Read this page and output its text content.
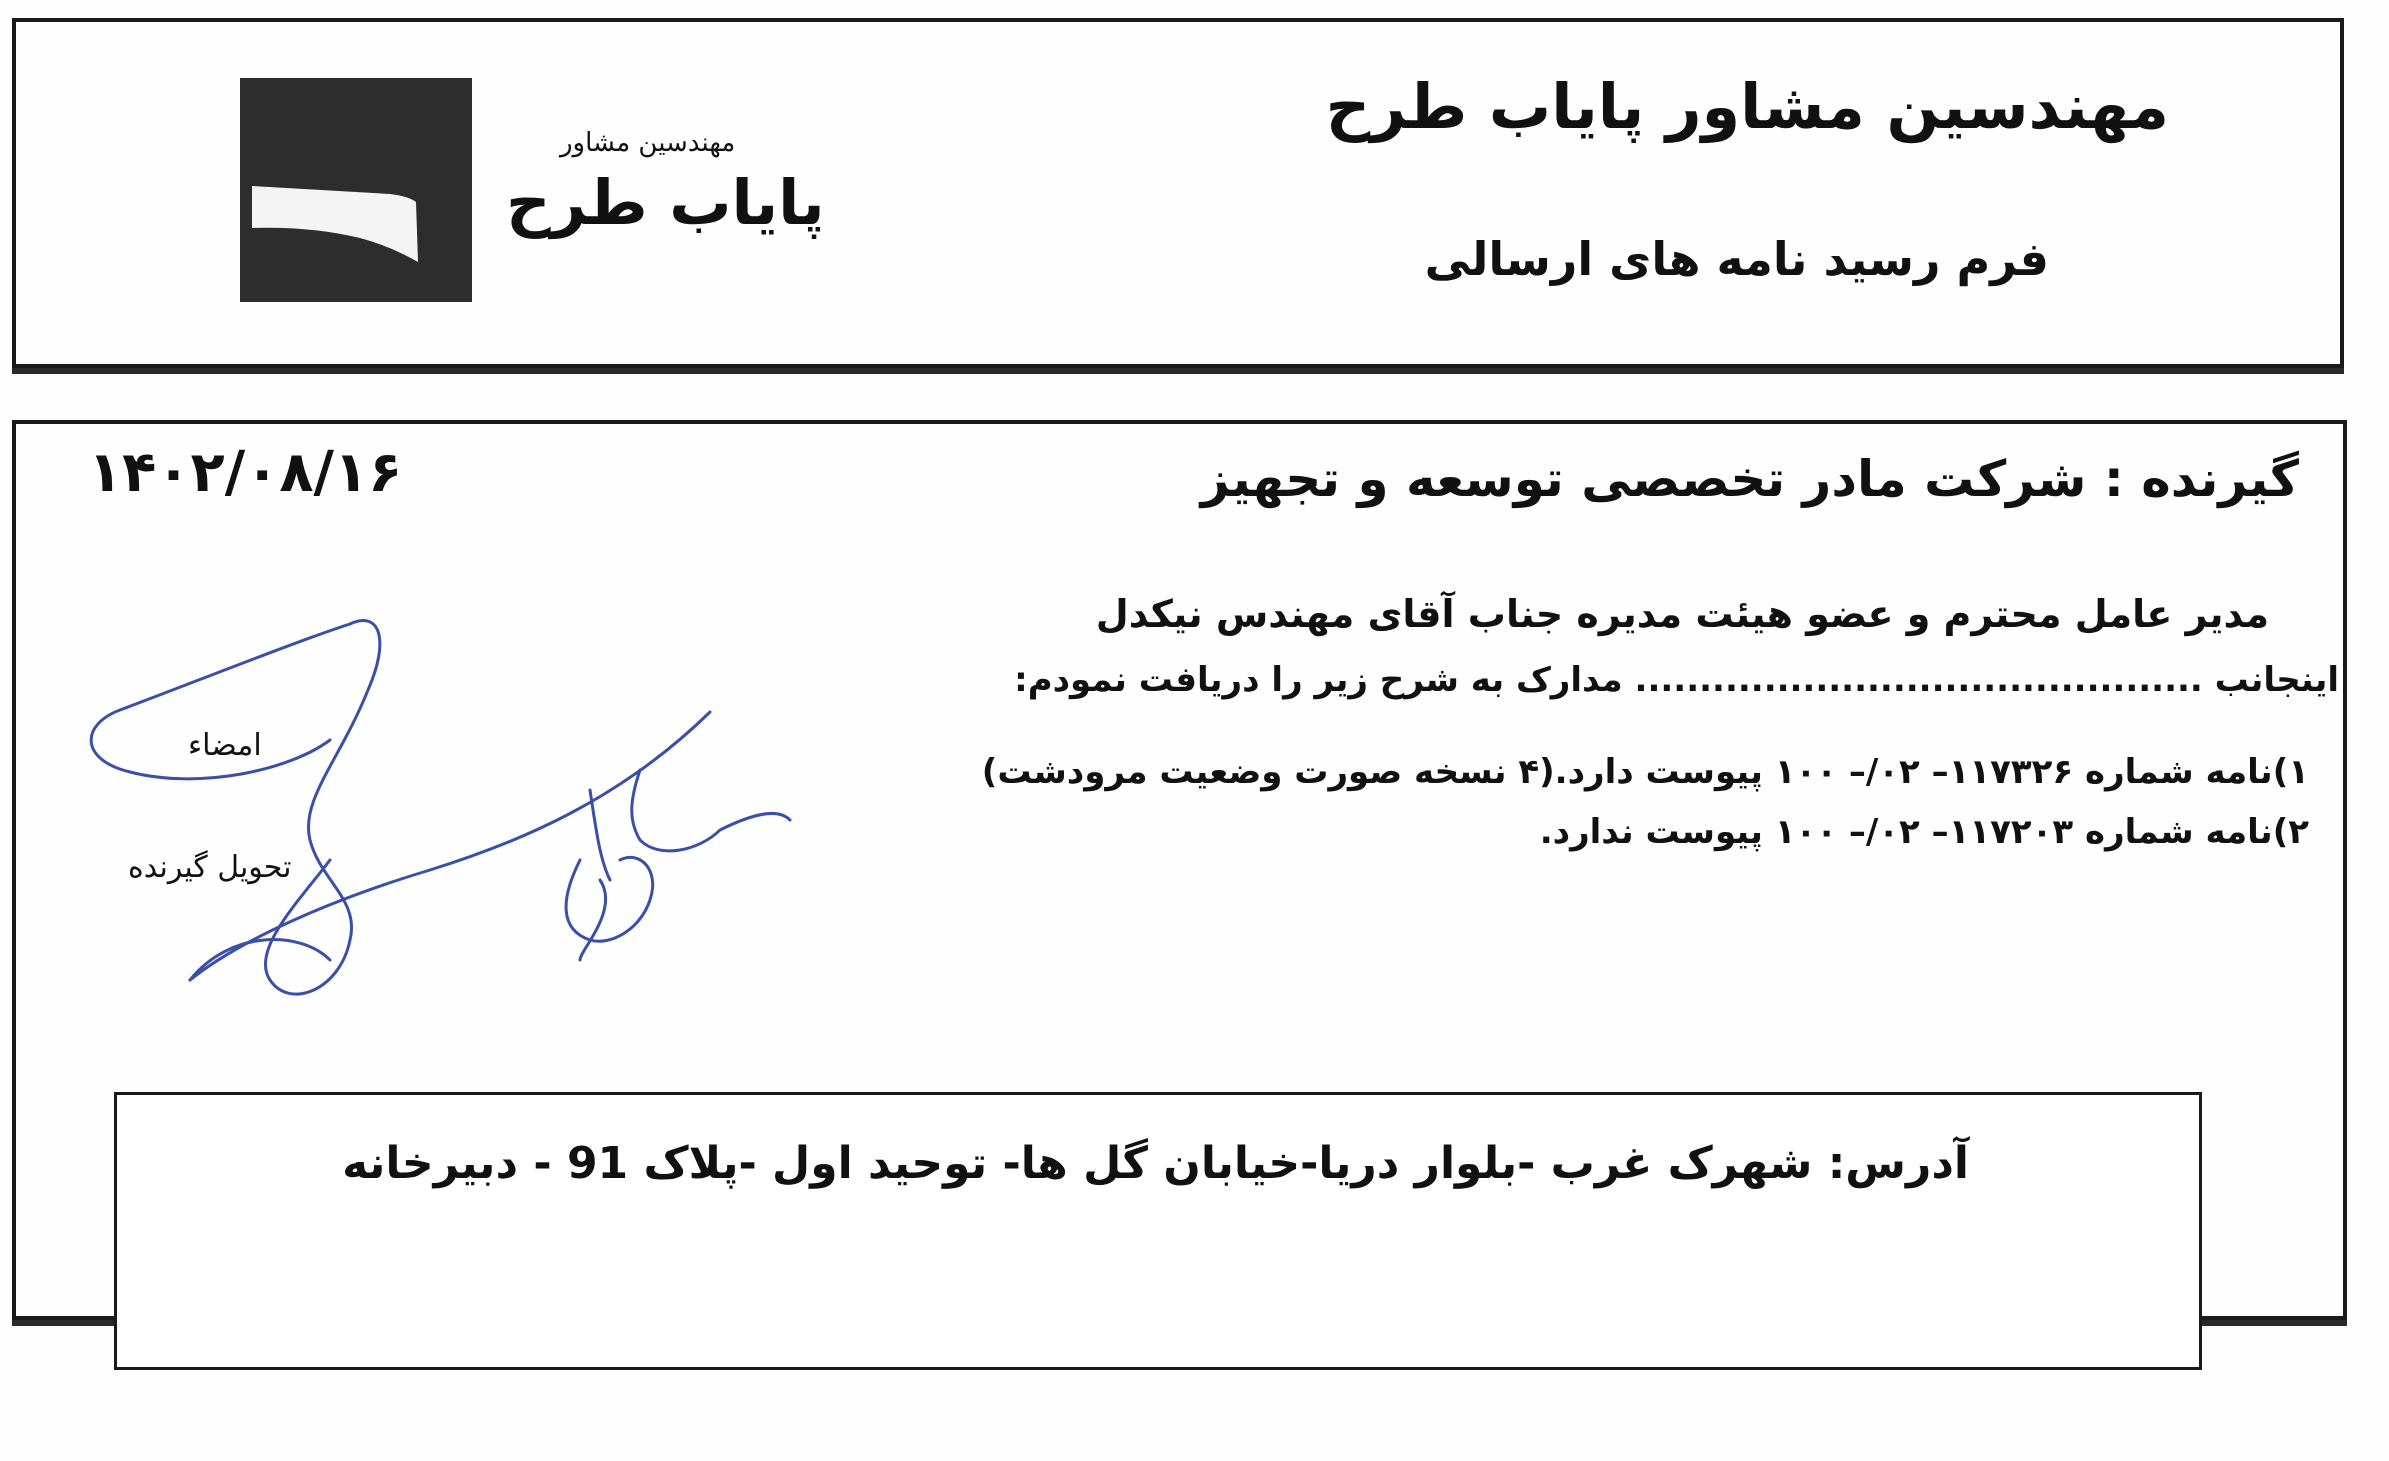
مهندسین مشاور پایاب طرح
فرم رسید نامه های ارسالی
مهندسین مشاور
پایاب طرح
گیرنده : شرکت مادر تخصصی توسعه و تجهیز
۱۴۰۲/۰۸/۱۶
مدیر عامل محترم و عضو هیئت مدیره جناب آقای مهندس نیکدل
اینجانب ............................................ مدارک به شرح زیر را دریافت نمودم:
۱)نامه شماره ۱۱۷۳۲۶– ۰۲/– ۱۰۰ پیوست دارد.(۴ نسخه صورت وضعیت مرودشت)
۲)نامه شماره ۱۱۷۲۰۳– ۰۲/– ۱۰۰ پیوست ندارد.
امضاء
تحویل گیرنده
آدرس: شهرک غرب -بلوار دریا-خیابان گل ها- توحید اول -پلاک 91 - دبیرخانه
